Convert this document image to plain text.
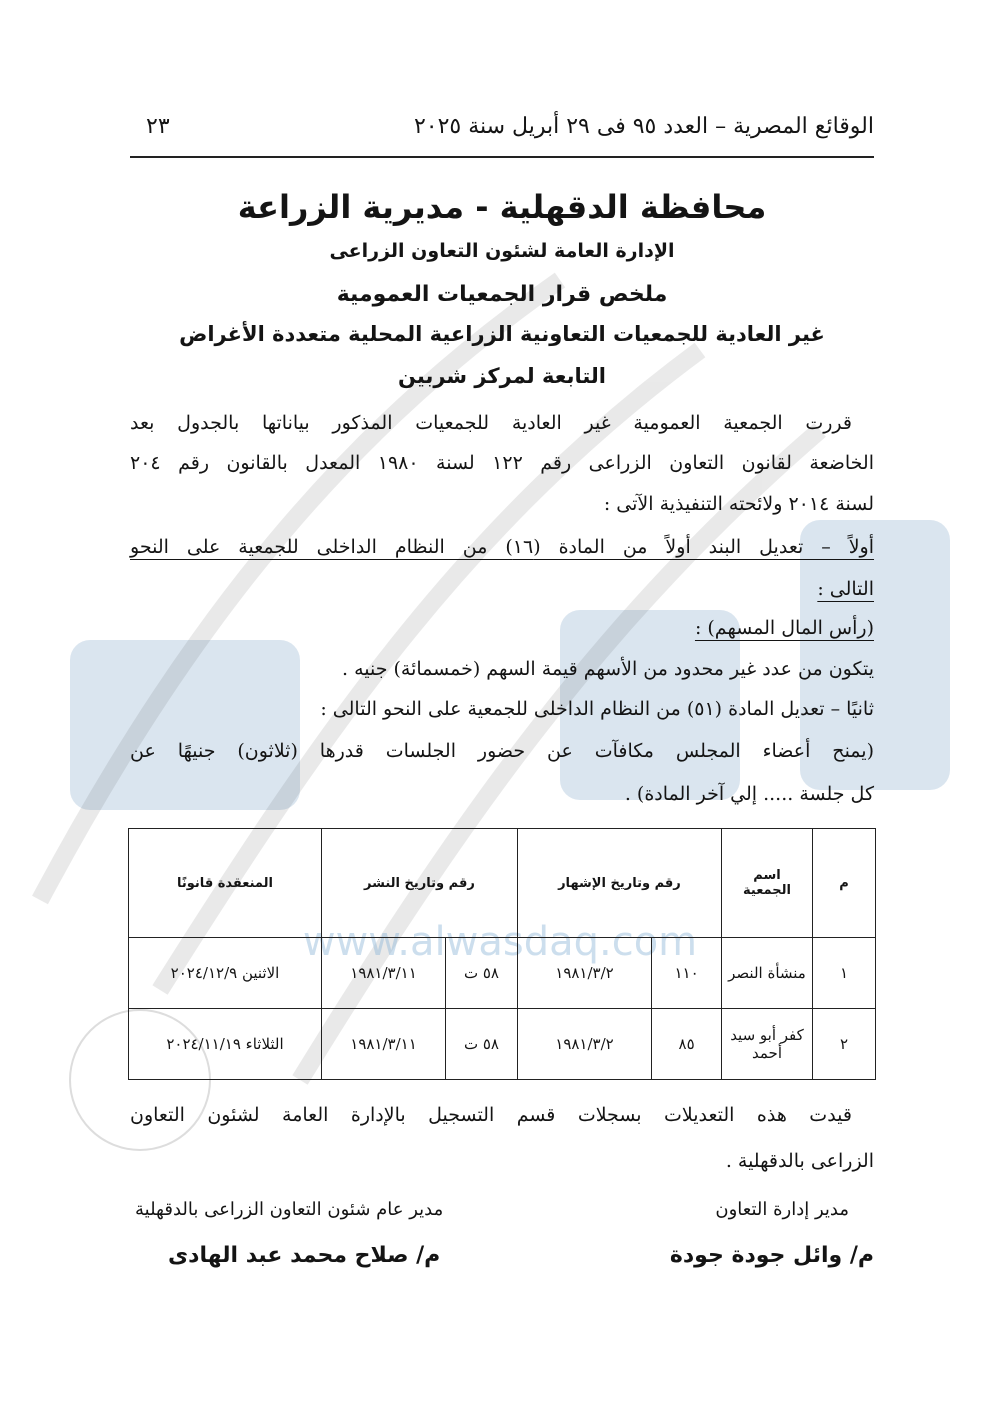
www.alwasdaq.com
الوقائع المصرية – العدد ٩٥ فى ٢٩ أبريل سنة ٢٠٢٥
٢٣
محافظة الدقهلية - مديرية الزراعة
الإدارة العامة لشئون التعاون الزراعى
ملخص قرار الجمعيات العمومية
غير العادية للجمعيات التعاونية الزراعية المحلية متعددة الأغراض
التابعة لمركز شربين
قررت الجمعية العمومية غير العادية للجمعيات المذكور بياناتها بالجدول بعد
الخاضعة لقانون التعاون الزراعى رقم ١٢٢ لسنة ١٩٨٠ المعدل بالقانون رقم ٢٠٤
لسنة ٢٠١٤ ولائحته التنفيذية الآتى :
أولاً – تعديل البند أولاً من المادة (١٦) من النظام الداخلى للجمعية على النحو
التالى :
(رأس المال المسهم) :
يتكون من عدد غير محدود من الأسهم قيمة السهم (خمسمائة) جنيه .
ثانيًا – تعديل المادة (٥١) من النظام الداخلى للجمعية على النحو التالى :
(يمنح أعضاء المجلس مكافآت عن حضور الجلسات قدرها (ثلاثون) جنيهًا عن
كل جلسة ..... إلي آخر المادة) .
م	اسم الجمعية	رقم وتاريخ الإشهار		رقم وتاريخ النشر		المنعقدة قانونًا
١	منشأة النصر	١١٠	١٩٨١/٣/٢	٥٨ ت	١٩٨١/٣/١١	الاثنين ٢٠٢٤/١٢/٩
٢	كفر أبو سيد أحمد	٨٥	١٩٨١/٣/٢	٥٨ ت	١٩٨١/٣/١١	الثلاثاء ٢٠٢٤/١١/١٩
قيدت هذه التعديلات بسجلات قسم التسجيل بالإدارة العامة لشئون التعاون
الزراعى بالدقهلية .
مدير إدارة التعاون
مدير عام شئون التعاون الزراعى بالدقهلية
م/ وائل جودة جودة
م/ صلاح محمد عبد الهادى
